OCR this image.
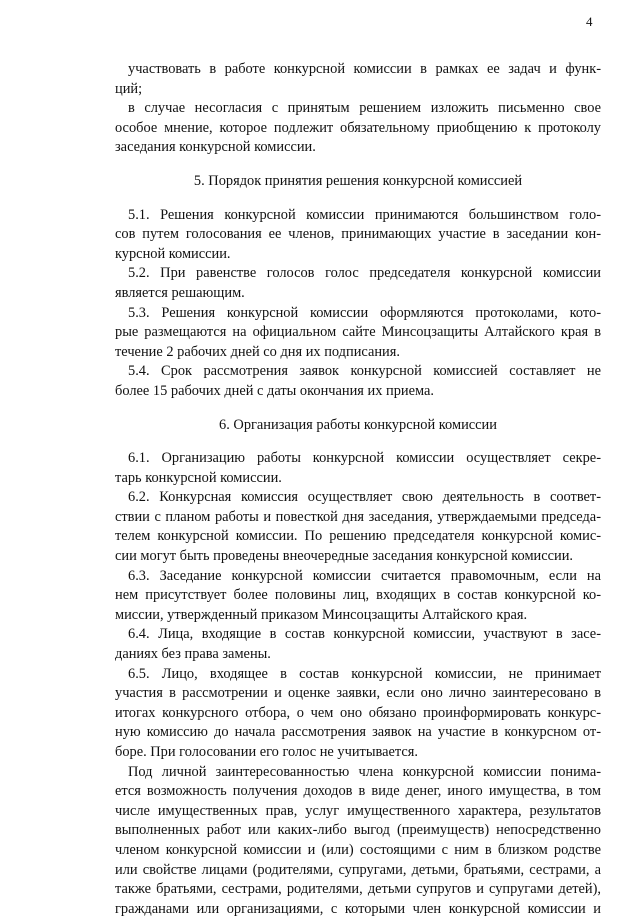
4
участвовать в работе конкурсной комиссии в рамках ее задач и функ-
ций;
в случае несогласия с принятым решением изложить письменно свое
особое мнение, которое подлежит обязательному приобщению к протоколу
заседания конкурсной комиссии.
5. Порядок принятия решения конкурсной комиссией
5.1. Решения конкурсной комиссии принимаются большинством голо-
сов путем голосования ее членов, принимающих участие в заседании кон-
курсной комиссии.
5.2. При равенстве голосов голос председателя конкурсной комиссии
является решающим.
5.3. Решения конкурсной комиссии оформляются протоколами, кото-
рые размещаются на официальном сайте Минсоцзащиты Алтайского края в
течение 2 рабочих дней со дня их подписания.
5.4. Срок рассмотрения заявок конкурсной комиссией составляет не
более 15 рабочих дней с даты окончания их приема.
6. Организация работы конкурсной комиссии
6.1. Организацию работы конкурсной комиссии осуществляет секре-
тарь конкурсной комиссии.
6.2. Конкурсная комиссия осуществляет свою деятельность в соответ-
ствии с планом работы и повесткой дня заседания, утверждаемыми председа-
телем конкурсной комиссии. По решению председателя конкурсной комис-
сии могут быть проведены внеочередные заседания конкурсной комиссии.
6.3. Заседание конкурсной комиссии считается правомочным, если на
нем присутствует более половины лиц, входящих в состав конкурсной ко-
миссии, утвержденный приказом Минсоцзащиты Алтайского края.
6.4. Лица, входящие в состав конкурсной комиссии, участвуют в засе-
даниях без права замены.
6.5. Лицо, входящее в состав конкурсной комиссии, не принимает
участия в рассмотрении и оценке заявки, если оно лично заинтересовано в
итогах конкурсного отбора, о чем оно обязано проинформировать конкурс-
ную комиссию до начала рассмотрения заявок на участие в конкурсном от-
боре. При голосовании его голос не учитывается.
Под личной заинтересованностью члена конкурсной комиссии понима-
ется возможность получения доходов в виде денег, иного имущества, в том
числе имущественных прав, услуг имущественного характера, результатов
выполненных работ или каких-либо выгод (преимуществ) непосредственно
членом конкурсной комиссии и (или) состоящими с ним в близком родстве
или свойстве лицами (родителями, супругами, детьми, братьями, сестрами, а
также братьями, сестрами, родителями, детьми супругов и супругами детей),
гражданами или организациями, с которыми член конкурсной комиссии и
